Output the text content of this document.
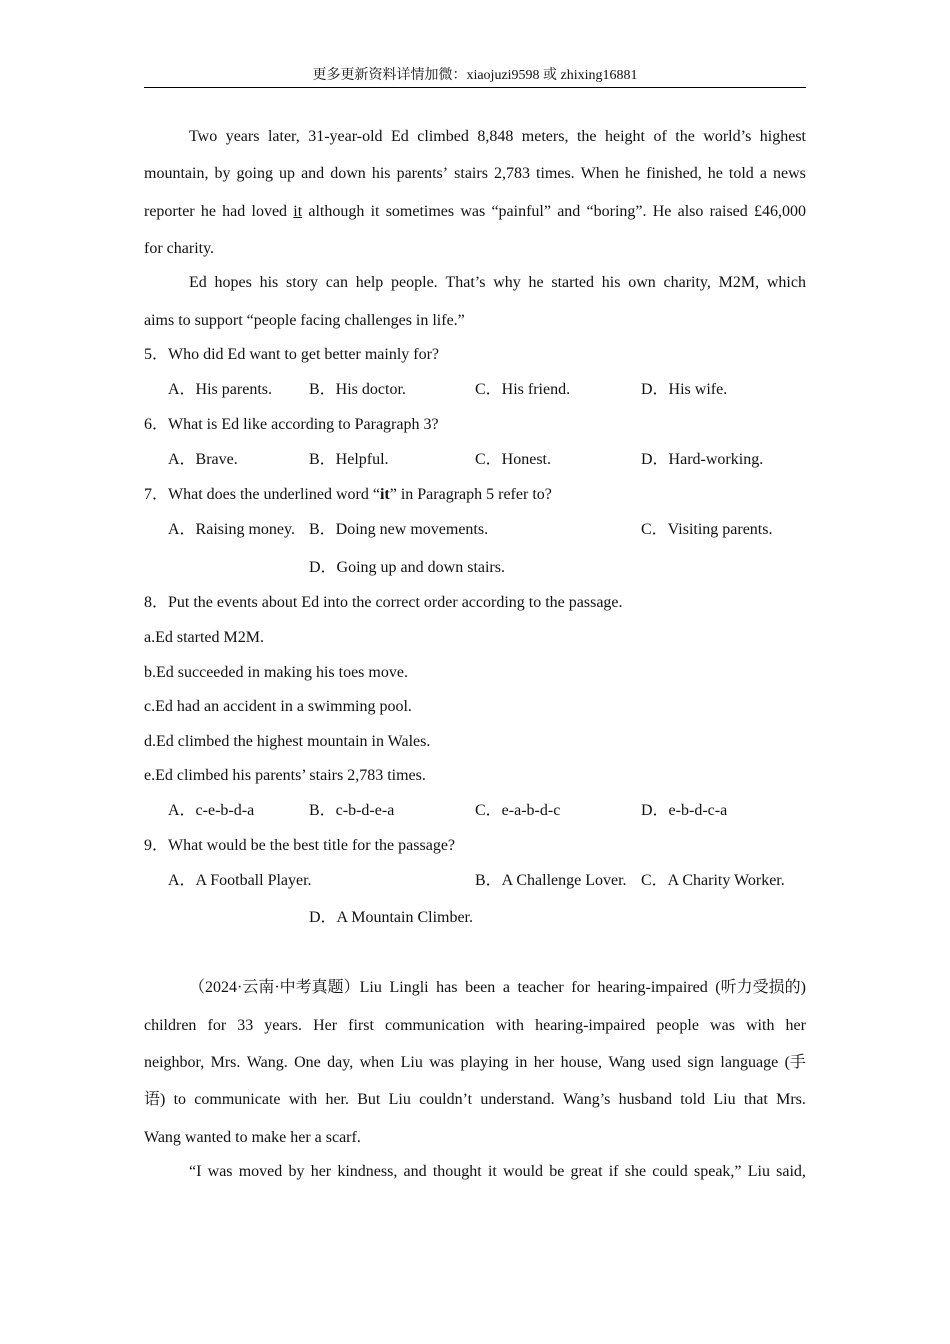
更多更新资料详情加微：xiaojuzi9598 或 zhixing16881
Two years later, 31-year-old Ed climbed 8,848 meters, the height of the world’s highest
mountain, by going up and down his parents’ stairs 2,783 times. When he finished, he told a news
reporter he had loved it although it sometimes was “painful” and “boring”. He also raised £46,000
for charity.
Ed hopes his story can help people. That’s why he started his own charity, M2M, which
aims to support “people facing challenges in life.”
5．Who did Ed want to get better mainly for?
A．His parents. B．His doctor.	C．His friend.	D．His wife.
6．What is Ed like according to Paragraph 3?
A．Brave.	B．Helpful.	C．Honest.	D．Hard-working.
7．What does the underlined word “it” in Paragraph 5 refer to?
A．Raising money. B．Doing new movements.	C．Visiting parents.
D．Going up and down stairs.
8．Put the events about Ed into the correct order according to the passage.
a.Ed started M2M.
b.Ed succeeded in making his toes move.
c.Ed had an accident in a swimming pool.
d.Ed climbed the highest mountain in Wales.
e.Ed climbed his parents’ stairs 2,783 times.
A．c-e-b-d-a	B．c-b-d-e-a	C．e-a-b-d-c	D．e-b-d-c-a
9．What would be the best title for the passage?
A．A Football Player.	B．A Challenge Lover. C．A Charity Worker.
D．A Mountain Climber.
（2024·云南·中考真题）Liu Lingli has been a teacher for hearing-impaired (听力受损的)
children for 33 years. Her first communication with hearing-impaired people was with her
neighbor, Mrs. Wang. One day, when Liu was playing in her house, Wang used sign language (手
语) to communicate with her. But Liu couldn’t understand. Wang’s husband told Liu that Mrs.
Wang wanted to make her a scarf.
“I was moved by her kindness, and thought it would be great if she could speak,” Liu said,
